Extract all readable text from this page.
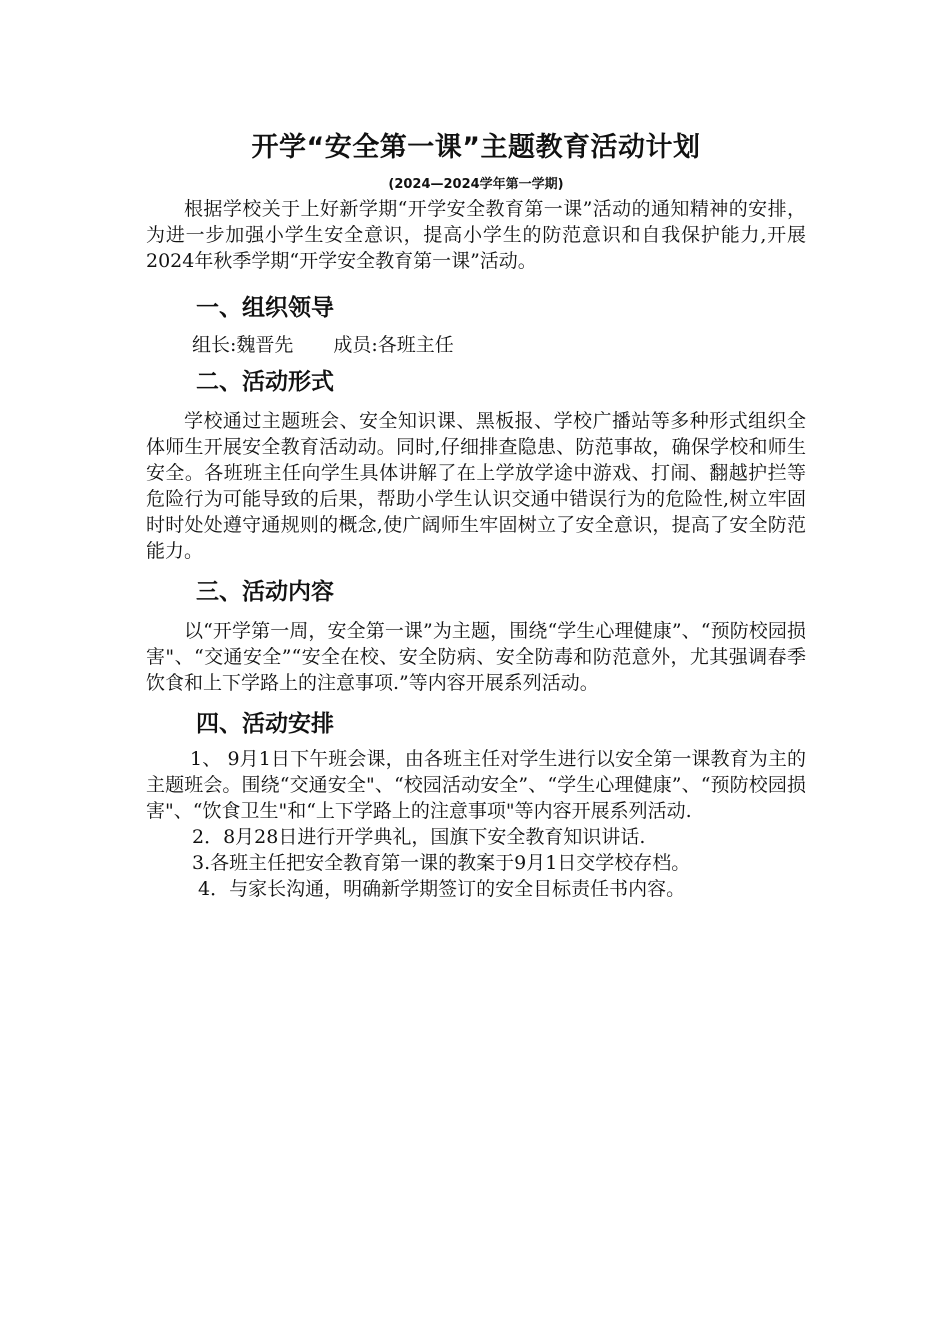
开学“安全第一课”主题教育活动计划

(2024—2024学年第一学期)

根据学校关于上好新学期“开学安全教育第一课”活动的通知精神的安排，为进一步加强小学生安全意识，提高小学生的防范意识和自我保护能力,开展2024年秋季学期“开学安全教育第一课”活动。

一、组织领导

组长:魏晋先 成员:各班主任

二、活动形式

学校通过主题班会、安全知识课、黑板报、学校广播站等多种形式组织全体师生开展安全教育活动动。同时,仔细排查隐患、防范事故，确保学校和师生安全。各班班主任向学生具体讲解了在上学放学途中游戏、打闹、翻越护拦等危险行为可能导致的后果，帮助小学生认识交通中错误行为的危险性,树立牢固时时处处遵守通规则的概念,使广阔师生牢固树立了安全意识，提高了安全防范能力。

三、活动内容

以“开学第一周，安全第一课”为主题，围绕“学生心理健康”、“预防校园损害"、“交通安全”“安全在校、安全防病、安全防毒和防范意外，尤其强调春季饮食和上下学路上的注意事项.”等内容开展系列活动。

四、活动安排

1、 9月1日下午班会课，由各班主任对学生进行以安全第一课教育为主的主题班会。围绕“交通安全"、“校园活动安全”、“学生心理健康”、“预防校园损害"、“饮食卫生"和“上下学路上的注意事项"等内容开展系列活动.

2．8月28日进行开学典礼，国旗下安全教育知识讲话.

3.各班主任把安全教育第一课的教案于9月1日交学校存档。

4．与家长沟通，明确新学期签订的安全目标责任书内容。
